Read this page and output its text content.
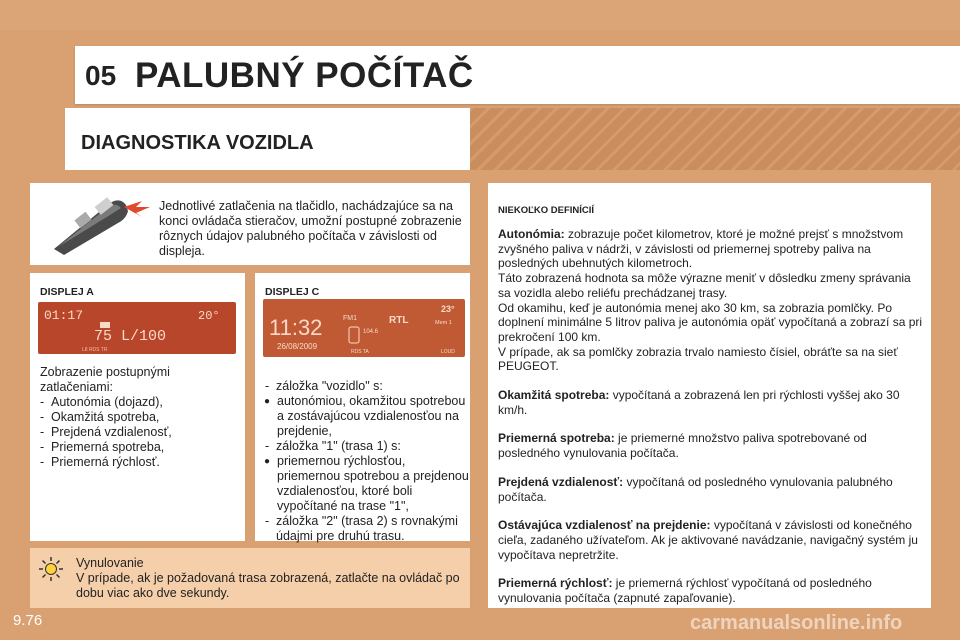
05 PALUBNÝ POČÍTAČ
DIAGNOSTIKA VOZIDLA
Jednotlivé zatlačenia na tlačidlo, nachádzajúce sa na konci ovládača stieračov, umožní postupné zobrazenie rôznych údajov palubného počítača v závislosti od displeja.
DISPLEJ A
01:17	20°
75 L/100
L8 RDS TR
Zobrazenie postupnými zatlačeniami:
- Autonómia (dojazd),
- Okamžitá spotreba,
- Prejdená vzdialenosť,
- Priemerná spotreba,
- Priemerná rýchlosť.
DISPLEJ C
11:32
26/08/2009
23°
FM1	RTL
104.6
Mem 1
RDS TA	LOUD
- záložka "vozidlo" s:
● autonómiou, okamžitou spotrebou a zostávajúcou vzdialenosťou na prejdenie,
- záložka "1" (trasa 1) s:
● priemernou rýchlosťou, priemernou spotrebou a prejdenou vzdialenosťou, ktoré boli vypočítané na trase "1",
- záložka "2" (trasa 2) s rovnakými údajmi pre druhú trasu.
Vynulovanie
V prípade, ak je požadovaná trasa zobrazená, zatlačte na ovládač po dobu viac ako dve sekundy.
NIEKOĽKO DEFINÍCIÍ

Autonómia: zobrazuje počet kilometrov, ktoré je možné prejsť s množstvom zvyšného paliva v nádrži, v závislosti od priemernej spotreby paliva na posledných ubehnutých kilometroch.
Táto zobrazená hodnota sa môže výrazne meniť v dôsledku zmeny správania sa vozidla alebo reliéfu prechádzanej trasy.
Od okamihu, keď je autonómia menej ako 30 km, sa zobrazia pomlčky. Po doplnení minimálne 5 litrov paliva je autonómia opäť vypočítaná a zobrazí sa pri prekročení 100 km.
V prípade, ak sa pomlčky zobrazia trvalo namiesto čísiel, obráťte sa na sieť PEUGEOT.

Okamžitá spotreba: vypočítaná a zobrazená len pri rýchlosti vyššej ako 30 km/h.

Priemerná spotreba: je priemerné množstvo paliva spotrebované od posledného vynulovania počítača.

Prejdená vzdialenosť: vypočítaná od posledného vynulovania palubného počítača.

Ostávajúca vzdialenosť na prejdenie: vypočítaná v závislosti od konečného cieľa, zadaného užívateľom. Ak je aktivované navádzanie, navigačný systém ju vypočítava nepretržite.

Priemerná rýchlosť: je priemerná rýchlosť vypočítaná od posledného vynulovania počítača (zapnuté zapaľovanie).

9.76	carmanualsonline.info
